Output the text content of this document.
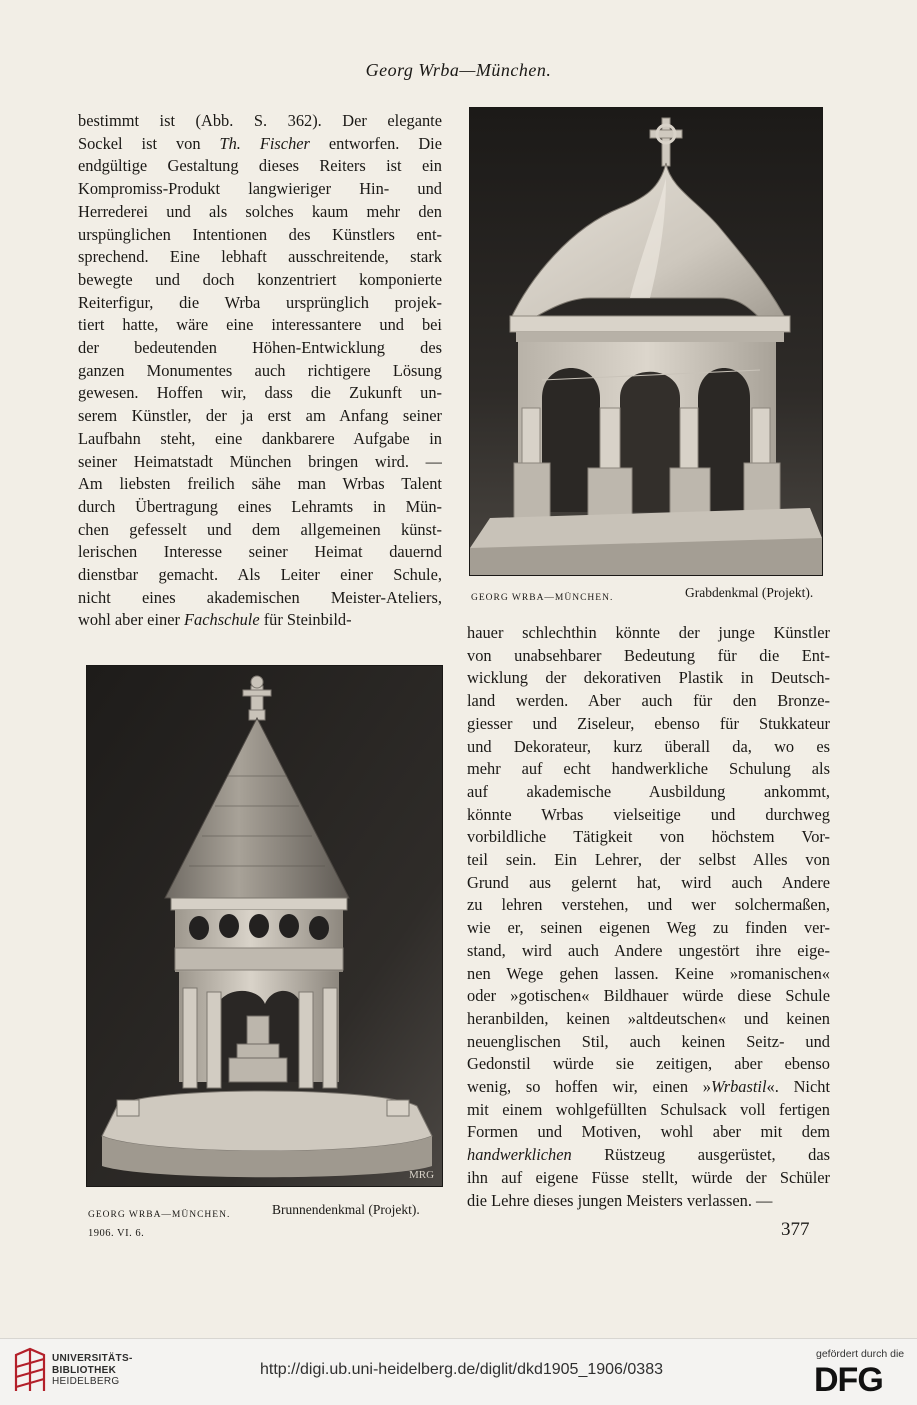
Georg Wrba—München.
bestimmt ist (Abb. S. 362). Der elegante
Sockel ist von Th. Fischer entworfen. Die
endgültige Gestaltung dieses Reiters ist ein
Kompromiss-Produkt langwieriger Hin- und
Herrederei und als solches kaum mehr den
urspünglichen Intentionen des Künstlers ent-
sprechend. Eine lebhaft ausschreitende, stark
bewegte und doch konzentriert komponierte
Reiterfigur, die Wrba ursprünglich projek-
tiert hatte, wäre eine interessantere und bei
der bedeutenden Höhen-Entwicklung des
ganzen Monumentes auch richtigere Lösung
gewesen. Hoffen wir, dass die Zukunft un-
serem Künstler, der ja erst am Anfang seiner
Laufbahn steht, eine dankbarere Aufgabe in
seiner Heimatstadt München bringen wird. —
Am liebsten freilich sähe man Wrbas Talent
durch Übertragung eines Lehramts in Mün-
chen gefesselt und dem allgemeinen künst-
lerischen Interesse seiner Heimat dauernd
dienstbar gemacht. Als Leiter einer Schule,
nicht eines akademischen Meister-Ateliers,
wohl aber einer Fachschule für Steinbild-
GEORG WRBA—MÜNCHEN.	Grabdenkmal (Projekt).
MRG
GEORG WRBA—MÜNCHEN.	Brunnendenkmal (Projekt).
hauer schlechthin könnte der junge Künstler
von unabsehbarer Bedeutung für die Ent-
wicklung der dekorativen Plastik in Deutsch-
land werden. Aber auch für den Bronze-
giesser und Ziseleur, ebenso für Stukkateur
und Dekorateur, kurz überall da, wo es
mehr auf echt handwerkliche Schulung als
auf akademische Ausbildung ankommt,
könnte Wrbas vielseitige und durchweg
vorbildliche Tätigkeit von höchstem Vor-
teil sein. Ein Lehrer, der selbst Alles von
Grund aus gelernt hat, wird auch Andere
zu lehren verstehen, und wer solchermaßen,
wie er, seinen eigenen Weg zu finden ver-
stand, wird auch Andere ungestört ihre eige-
nen Wege gehen lassen. Keine »romanischen«
oder »gotischen« Bildhauer würde diese Schule
heranbilden, keinen »altdeutschen« und keinen
neuenglischen Stil, auch keinen Seitz- und
Gedonstil würde sie zeitigen, aber ebenso
wenig, so hoffen wir, einen »Wrbastil«. Nicht
mit einem wohlgefüllten Schulsack voll fertigen
Formen und Motiven, wohl aber mit dem
handwerklichen Rüstzeug ausgerüstet, das
ihn auf eigene Füsse stellt, würde der Schüler
die Lehre dieses jungen Meisters verlassen. —
1906. VI. 6.	377
UNIVERSITÄTS-
BIBLIOTHEK
HEIDELBERG
http://digi.ub.uni-heidelberg.de/diglit/dkd1905_1906/0383
gefördert durch die
DFG
